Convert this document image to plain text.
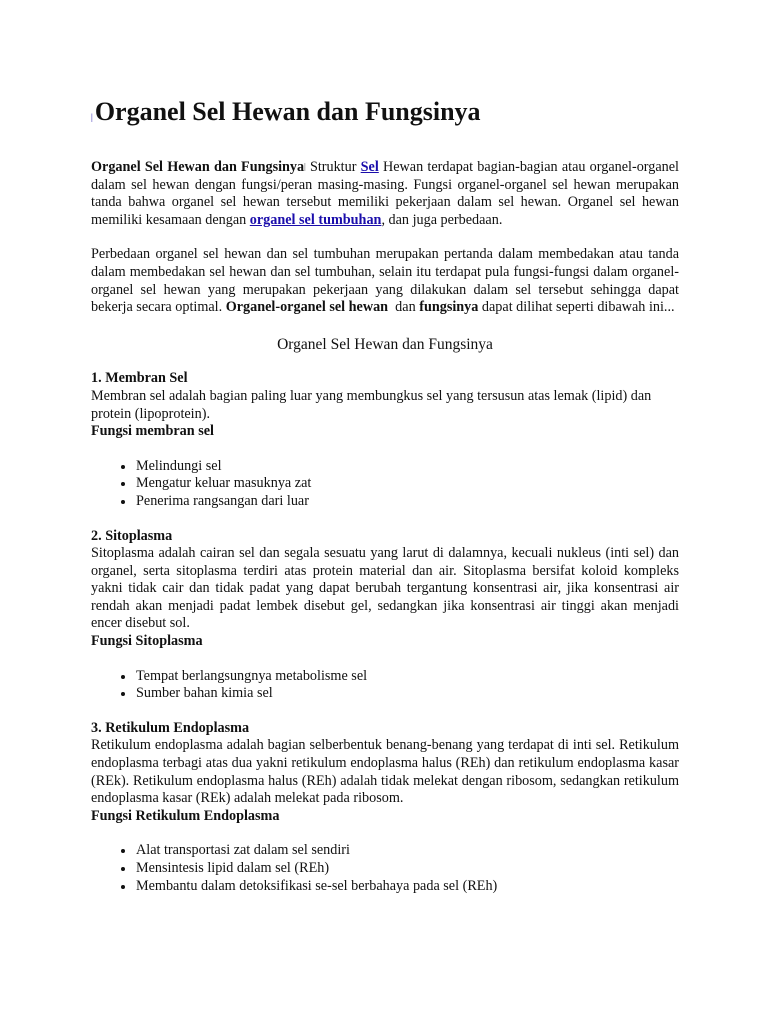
|Organel Sel Hewan dan Fungsinya

Organel Sel Hewan dan Fungsinya| Struktur Sel Hewan terdapat bagian-bagian atau organel-organel dalam sel hewan dengan fungsi/peran masing-masing. Fungsi organel-organel sel hewan merupakan tanda bahwa organel sel hewan tersebut memiliki pekerjaan dalam sel hewan. Organel sel hewan memiliki kesamaan dengan organel sel tumbuhan, dan juga perbedaan.

Perbedaan organel sel hewan dan sel tumbuhan merupakan pertanda dalam membedakan atau tanda dalam membedakan sel hewan dan sel tumbuhan, selain itu terdapat pula fungsi-fungsi dalam organel-organel sel hewan yang merupakan pekerjaan yang dilakukan dalam sel tersebut sehingga dapat bekerja secara optimal. Organel-organel sel hewan  dan fungsinya dapat dilihat seperti dibawah ini...

Organel Sel Hewan dan Fungsinya

1. Membran Sel

Membran sel adalah bagian paling luar yang membungkus sel yang tersusun atas lemak (lipid) dan protein (lipoprotein).

Fungsi membran sel

• Melindungi sel
• Mengatur keluar masuknya zat
• Penerima rangsangan dari luar

2. Sitoplasma

Sitoplasma adalah cairan sel dan segala sesuatu yang larut di dalamnya, kecuali nukleus (inti sel) dan organel, serta sitoplasma terdiri atas protein material dan air. Sitoplasma bersifat koloid kompleks yakni tidak cair dan tidak padat yang dapat berubah tergantung konsentrasi air, jika konsentrasi air rendah akan menjadi padat lembek disebut gel, sedangkan jika konsentrasi air tinggi akan menjadi encer disebut sol.

Fungsi Sitoplasma

• Tempat berlangsungnya metabolisme sel
• Sumber bahan kimia sel

3. Retikulum Endoplasma

Retikulum endoplasma adalah bagian selberbentuk benang-benang yang terdapat di inti sel. Retikulum endoplasma terbagi atas dua yakni retikulum endoplasma halus (REh) dan retikulum endoplasma kasar (REk). Retikulum endoplasma halus (REh) adalah tidak melekat dengan ribosom, sedangkan retikulum endoplasma kasar (REk) adalah melekat pada ribosom.

Fungsi Retikulum Endoplasma

• Alat transportasi zat dalam sel sendiri
• Mensintesis lipid dalam sel (REh)
• Membantu dalam detoksifikasi se-sel berbahaya pada sel (REh)
